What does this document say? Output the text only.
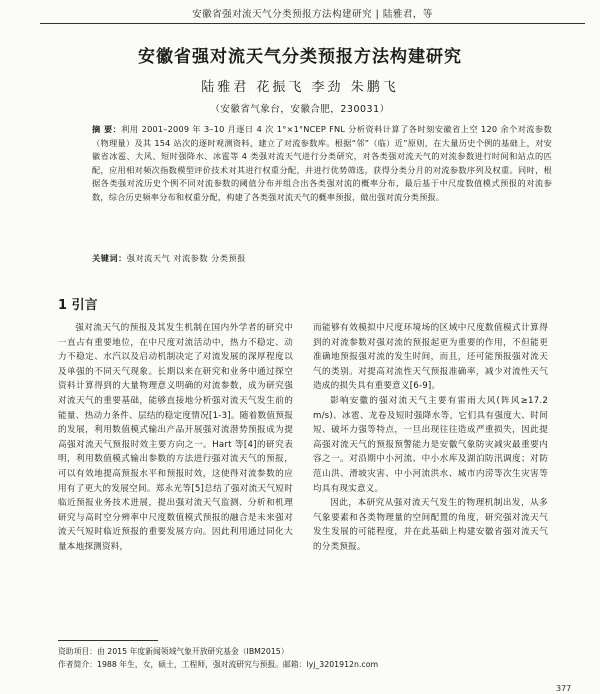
安徽省强对流天气分类预报方法构建研究 | 陆雅君，等
安徽省强对流天气分类预报方法构建研究
陆雅君 花振飞 李劲 朱鹏飞
（安徽省气象台，安徽合肥，230031）
摘 要：利用 2001–2009 年 3–10 月逐日 4 次 1°×1°NCEP FNL 分析资料计算了各时刻安徽省上空 120 余个对流参数（物理量）及其 154 站次的逐时观测资料，建立了对流参数库。根据“邻”（临）近”原则，在大量历史个例的基础上，对安徽省冰雹、大风、短时强降水、冰雹等 4 类强对流天气进行分类研究，对各类强对流天气的对流参数进行时间和站点的匹配，应用相对频次指数模型评价技术对其进行权重分配，并进行优势筛选，获得分类分月的对流参数序列及权重。同时，根据各类强对流历史个例不同对流参数的阈值分布并组合出各类强对流的概率分布，最后基于中尺度数值模式预报的对流参数，综合历史频率分布和权重分配，构建了各类强对流天气的概率预报，做出强对流分类预报。
关键词：强对流天气 对流参数 分类预报
1 引言

强对流天气的预报及其发生机制在国内外学者的研究中一直占有重要地位，在中尺度对流活动中，热力不稳定、动力不稳定、水汽以及启动机制决定了对流发展的深厚程度以及单强的不同天气现象。长期以来在研究和业务中通过探空资料计算得到的大量物理意义明确的对流参数，成为研究强对流天气的重要基础，能够直接地分析强对流天气发生前的能量、热动力条件、层结的稳定度情况[1-3]。随着数值预报的发展，利用数值模式输出产品开展强对流潜势预报成为提高强对流天气预报时效主要方向之一。Hart 等[4]的研究表明，利用数值模式输出参数的方法进行强对流天气的预报，可以有效地提高预报水平和预报时效，这使得对流参数的应用有了更大的发展空间。郑永光等[5]总结了强对流天气短时临近预报业务技术进展，提出强对流天气监测、分析和机理研究与高时空分辨率中尺度数值模式预报的融合是未来强对流天气短时临近预报的重要发展方向。因此利用通过同化大量本地探测资料，

而能够有效模拟中尺度环境场的区域中尺度数值模式计算得到的对流参数对强对流的预报起更为重要的作用，不但能更准确地预报强对流的发生时间，而且，还可能预报强对流天气的类别。对提高对流性天气预报准确率，减少对流性天气造成的损失具有重要意义[6-9]。

影响安徽的强对流天气主要有雷雨大风(阵风≥17.2 m/s)、冰雹、龙卷及短时强降水等，它们具有强度大、时间短、破坏力强等特点，一旦出现往往造成严重损失，因此提高强对流天气的预报预警能力是安徽气象防灾减灾最重要内容之一。对沿期中小河流、中小水库及湖泊防汛调度；对防范山洪、滑坡灾害、中小河流洪水、城市内涝等次生灾害等均具有现实意义。

因此，本研究从强对流天气发生的物理机制出发，从多气象要素和各类物理量的空间配置的角度，研究强对流天气发生发展的可能程度，并在此基础上构建安徽省强对流天气的分类预报。

资助项目：由 2015 年度新闻领域气象开放研究基金（IBM2015）
作者简介：1988 年生，女，硕士，工程师，强对流研究与预报。邮箱：lyj_3201912n.com
377
